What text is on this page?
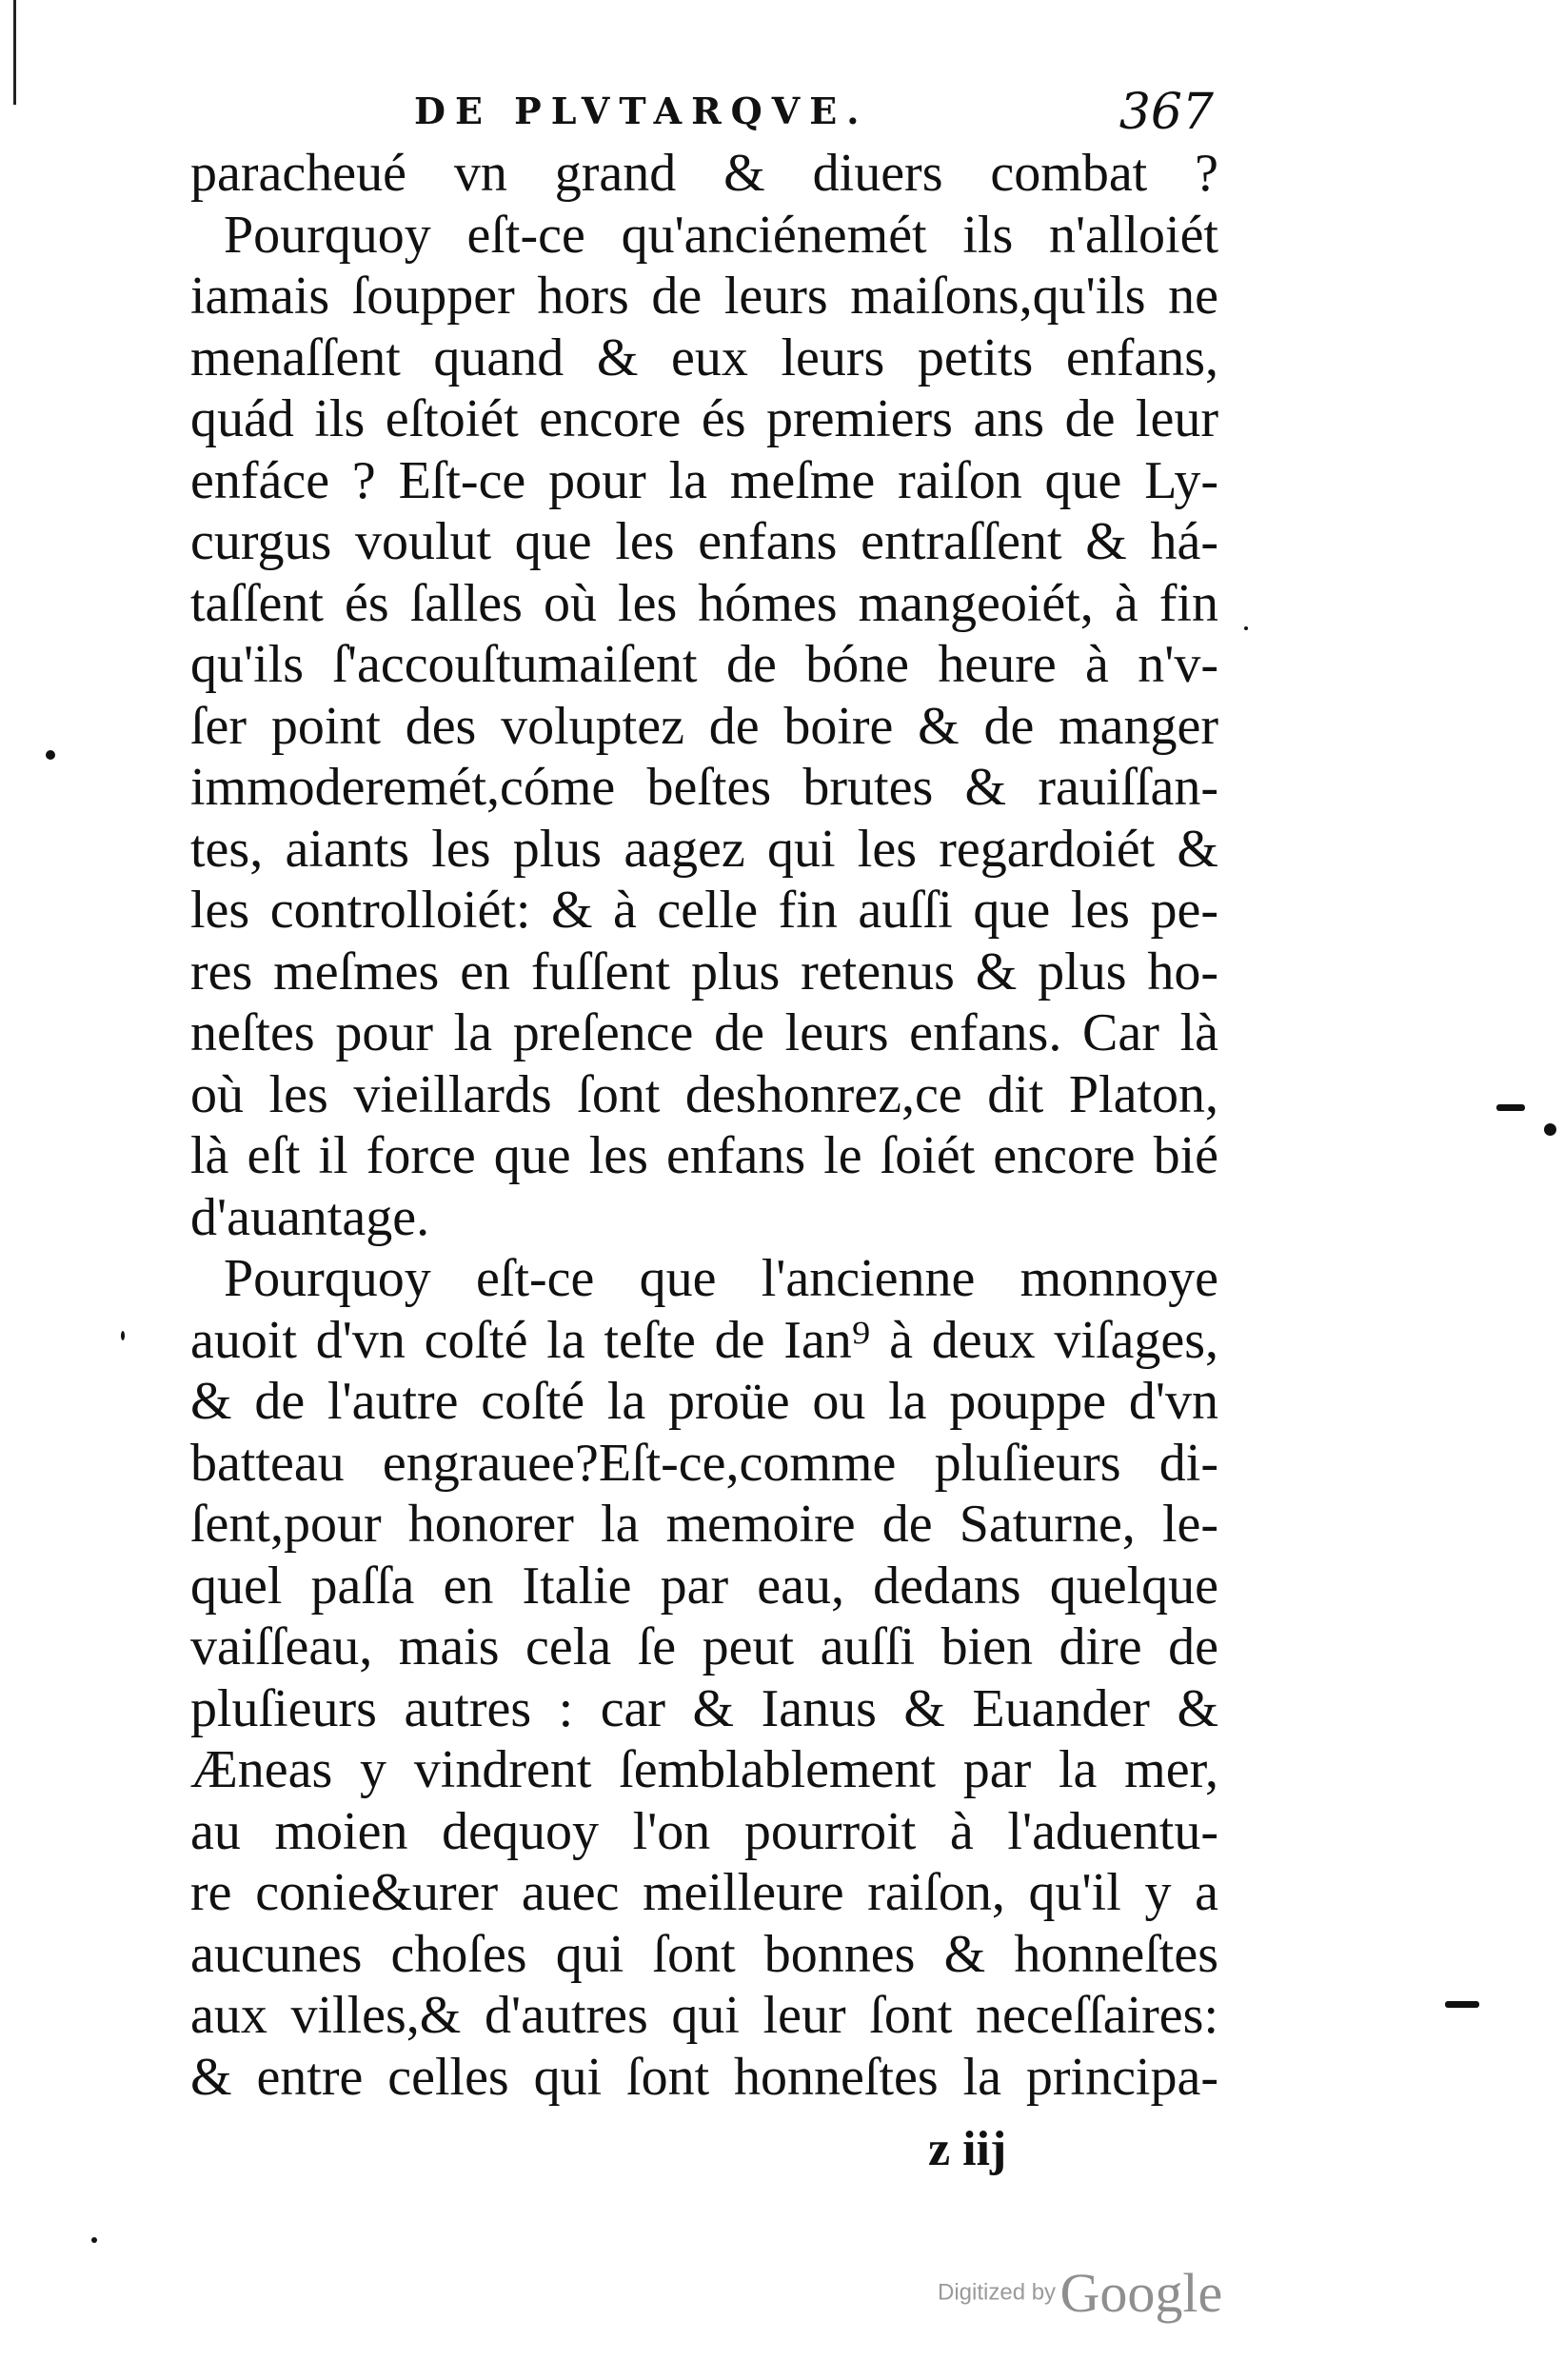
DE PLVTARQVE.	367
paracheué vn grand & diuers combat ?
Pourquoy eſt-ce qu'anciénemét ils n'alloiét
iamais ſoupper hors de leurs maiſons,qu'ils ne
menaſſent quand & eux leurs petits enfans,
quád ils eſtoiét encore és premiers ans de leur
enfáce ? Eſt-ce pour la meſme raiſon que Ly-
curgus voulut que les enfans entraſſent & há-
taſſent és ſalles où les hómes mangeoiét, à fin
qu'ils ſ'accouſtumaiſent de bóne heure à n'v-
ſer point des voluptez de boire & de manger
immoderemét,cóme beſtes brutes & rauiſſan-
tes, aiants les plus aagez qui les regardoiét &
les controlloiét: & à celle fin auſſi que les pe-
res meſmes en fuſſent plus retenus & plus ho-
neſtes pour la preſence de leurs enfans. Car là
où les vieillards ſont deshonrez,ce dit Platon,
là eſt il force que les enfans le ſoiét encore bié
d'auantage.
Pourquoy eſt-ce que l'ancienne monnoye
auoit d'vn coſté la teſte de Ian⁹ à deux viſages,
& de l'autre coſté la proüe ou la pouppe d'vn
batteau engrauee?Eſt-ce,comme pluſieurs di-
ſent,pour honorer la memoire de Saturne, le-
quel paſſa en Italie par eau, dedans quelque
vaiſſeau, mais cela ſe peut auſſi bien dire de
pluſieurs autres : car & Ianus & Euander &
Æneas y vindrent ſemblablement par la mer,
au moien dequoy l'on pourroit à l'aduentu-
re conie&urer auec meilleure raiſon, qu'il y a
aucunes choſes qui ſont bonnes & honneſtes
aux villes,& d'autres qui leur ſont neceſſaires:
& entre celles qui ſont honneſtes la principa-
z iij
Digitized by Google
